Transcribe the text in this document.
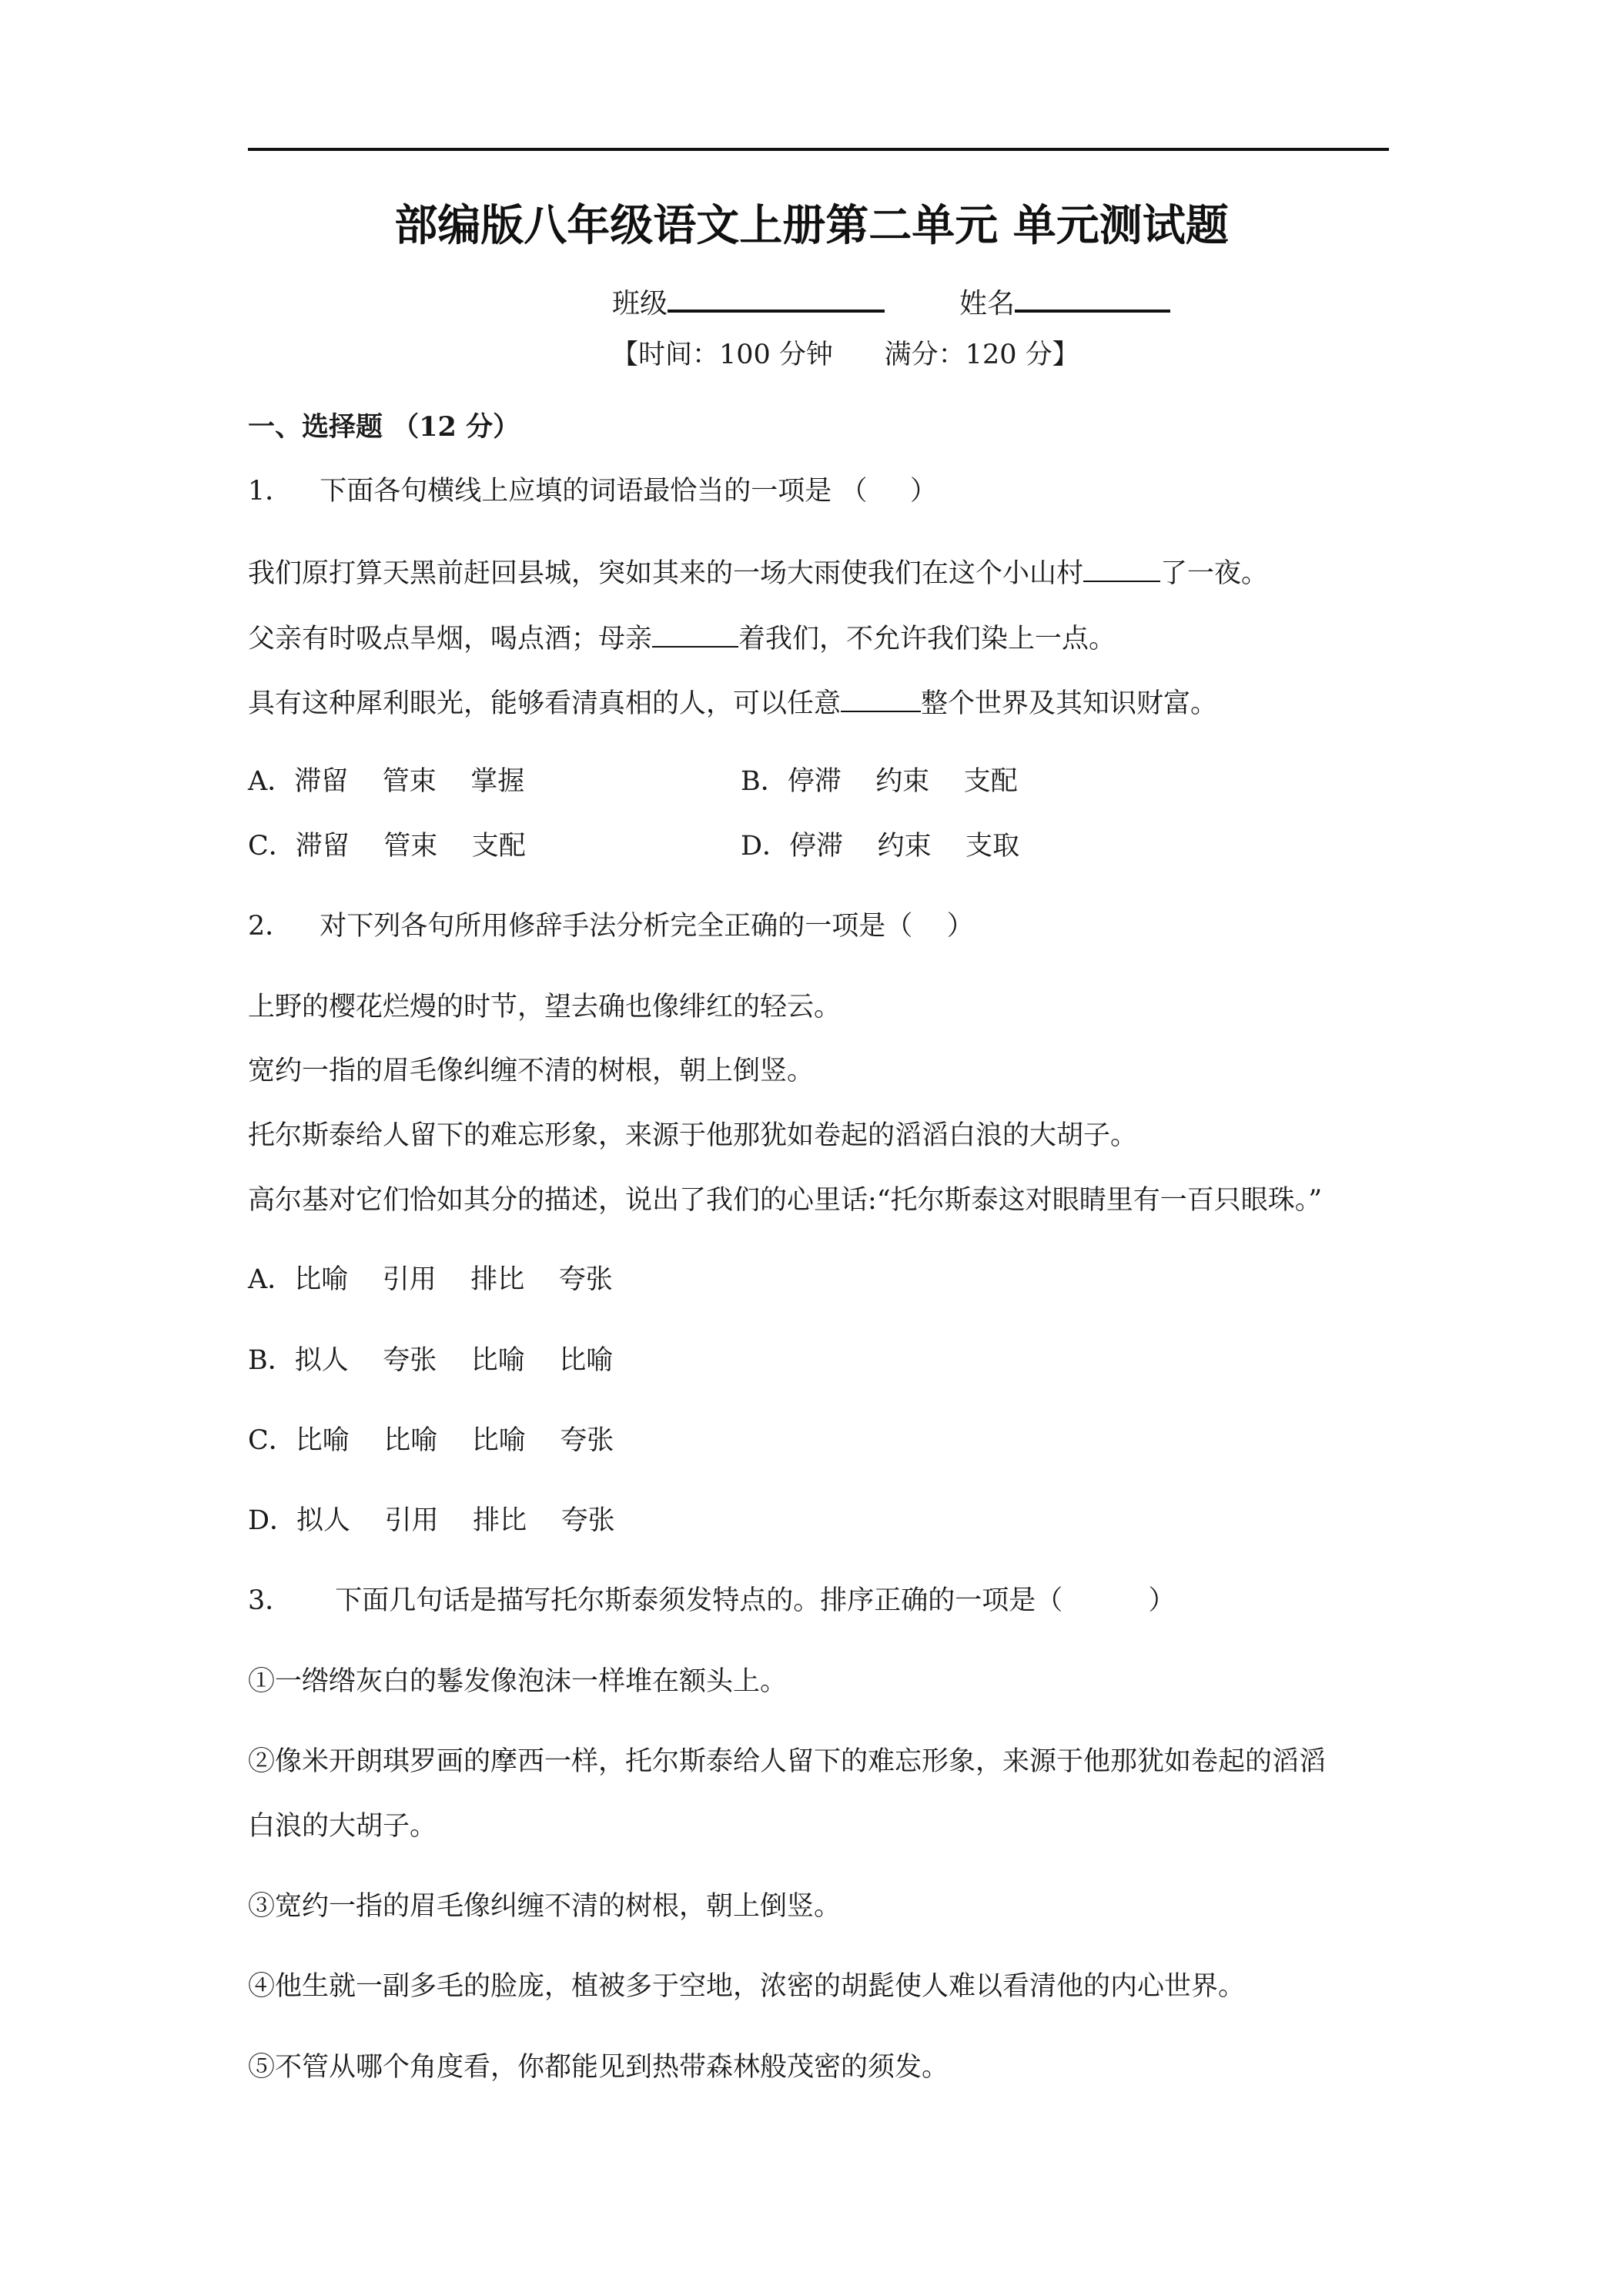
部编版八年级语文上册第二单元 单元测试题
班级	姓名
【时间：100 分钟      满分：120 分】
一、选择题 （12 分）
1． 下面各句横线上应填的词语最恰当的一项是 （     ）
我们原打算天黑前赶回县城，突如其来的一场大雨使我们在这个小山村	了一夜。
父亲有时吸点旱烟，喝点酒；母亲	着我们，不允许我们染上一点。
具有这种犀利眼光，能够看清真相的人，可以任意	整个世界及其知识财富。
A．滞留    管束    掌握	B．停滞    约束    支配
C．滞留    管束    支配	D．停滞    约束    支取
2． 对下列各句所用修辞手法分析完全正确的一项是（    ）
上野的樱花烂熳的时节，望去确也像绯红的轻云。
宽约一指的眉毛像纠缠不清的树根，朝上倒竖。
托尔斯泰给人留下的难忘形象，来源于他那犹如卷起的滔滔白浪的大胡子。
高尔基对它们恰如其分的描述，说出了我们的心里话:“托尔斯泰这对眼睛里有一百只眼珠。”
A．比喻    引用    排比    夸张
B．拟人    夸张    比喻    比喻
C．比喻    比喻    比喻    夸张
D．拟人    引用    排比    夸张
3． 下面几句话是描写托尔斯泰须发特点的。排序正确的一项是（          ）
①一绺绺灰白的鬈发像泡沫一样堆在额头上。
②像米开朗琪罗画的摩西一样，托尔斯泰给人留下的难忘形象，来源于他那犹如卷起的滔滔
白浪的大胡子。
③宽约一指的眉毛像纠缠不清的树根，朝上倒竖。
④他生就一副多毛的脸庞，植被多于空地，浓密的胡髭使人难以看清他的内心世界。
⑤不管从哪个角度看，你都能见到热带森林般茂密的须发。
